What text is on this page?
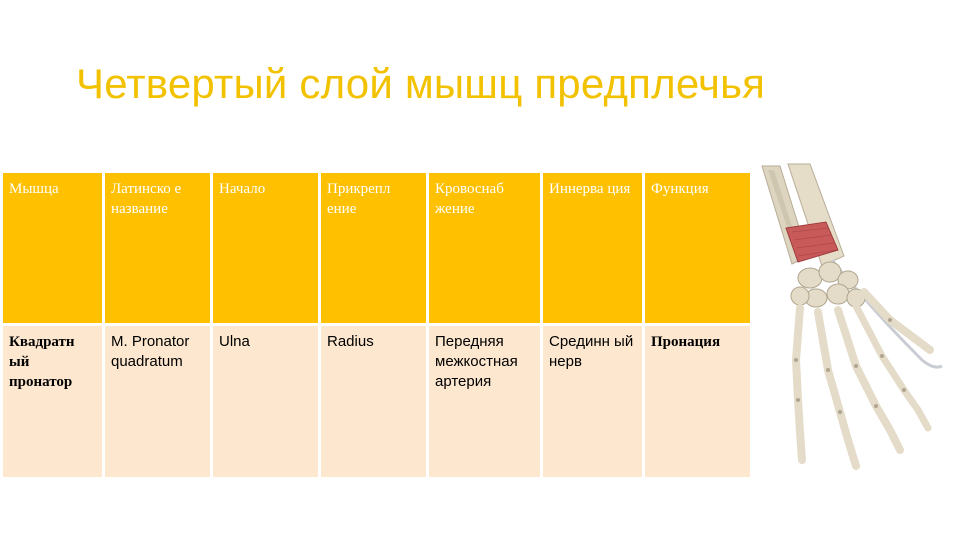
Четвертый слой мышц предплечья
Мышца	Латинско е название	Начало	Прикрепл ение	Кровоснаб жение	Иннерва ция	Функция
Квадратн ый пронатор	M. Pronator quadratum	Ulna	Radius	Передняя межкостная артерия	Срединн ый нерв	Пронация
